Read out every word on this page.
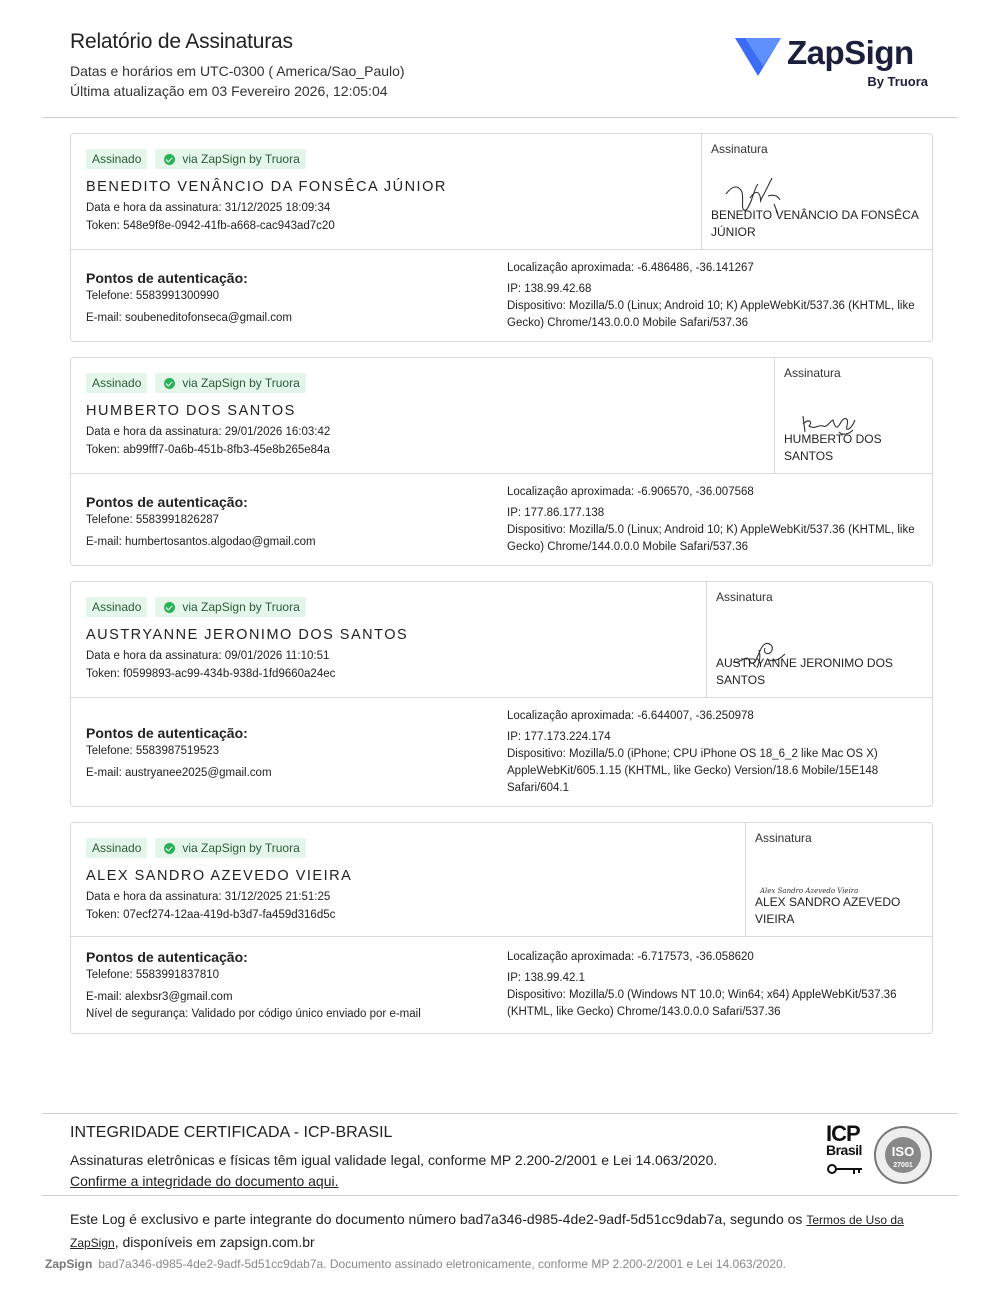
Relatório de Assinaturas
Datas e horários em UTC-0300 ( America/Sao_Paulo)
Última atualização em 03 Fevereiro 2026, 12:05:04
ZapSign
By Truora
Assinado	via ZapSign by Truora
BENEDITO VENÂNCIO DA FONSÊCA JÚNIOR
Data e hora da assinatura: 31/12/2025 18:09:34
Token: 548e9f8e-0942-41fb-a668-cac943ad7c20
Assinatura
BENEDITO VENÂNCIO DA FONSÊCA JÚNIOR
Pontos de autenticação:
Telefone: 5583991300990
E-mail: soubeneditofonseca@gmail.com
Localização aproximada: -6.486486, -36.141267
IP: 138.99.42.68
Dispositivo: Mozilla/5.0 (Linux; Android 10; K) AppleWebKit/537.36 (KHTML, like Gecko) Chrome/143.0.0.0 Mobile Safari/537.36
Assinado	via ZapSign by Truora
HUMBERTO DOS SANTOS
Data e hora da assinatura: 29/01/2026 16:03:42
Token: ab99fff7-0a6b-451b-8fb3-45e8b265e84a
Assinatura
HUMBERTO DOS SANTOS
Pontos de autenticação:
Telefone: 5583991826287
E-mail: humbertosantos.algodao@gmail.com
Localização aproximada: -6.906570, -36.007568
IP: 177.86.177.138
Dispositivo: Mozilla/5.0 (Linux; Android 10; K) AppleWebKit/537.36 (KHTML, like Gecko) Chrome/144.0.0.0 Mobile Safari/537.36
Assinado	via ZapSign by Truora
AUSTRYANNE JERONIMO DOS SANTOS
Data e hora da assinatura: 09/01/2026 11:10:51
Token: f0599893-ac99-434b-938d-1fd9660a24ec
Assinatura
AUSTRYANNE JERONIMO DOS SANTOS
Pontos de autenticação:
Telefone: 5583987519523
E-mail: austryanee2025@gmail.com
Localização aproximada: -6.644007, -36.250978
IP: 177.173.224.174
Dispositivo: Mozilla/5.0 (iPhone; CPU iPhone OS 18_6_2 like Mac OS X) AppleWebKit/605.1.15 (KHTML, like Gecko) Version/18.6 Mobile/15E148 Safari/604.1
Assinado	via ZapSign by Truora
ALEX SANDRO AZEVEDO VIEIRA
Data e hora da assinatura: 31/12/2025 21:51:25
Token: 07ecf274-12aa-419d-b3d7-fa459d316d5c
Assinatura
Alex Sandro Azevedo Vieira
ALEX SANDRO AZEVEDO VIEIRA
Pontos de autenticação:
Telefone: 5583991837810
E-mail: alexbsr3@gmail.com
Nível de segurança: Validado por código único enviado por e-mail
Localização aproximada: -6.717573, -36.058620
IP: 138.99.42.1
Dispositivo: Mozilla/5.0 (Windows NT 10.0; Win64; x64) AppleWebKit/537.36 (KHTML, like Gecko) Chrome/143.0.0.0 Safari/537.36
INTEGRIDADE CERTIFICADA - ICP-BRASIL
Assinaturas eletrônicas e físicas têm igual validade legal, conforme MP 2.200-2/2001 e Lei 14.063/2020.
Confirme a integridade do documento aqui.
ICP
Brasil	ISO
27001
Este Log é exclusivo e parte integrante do documento número bad7a346-d985-4de2-9adf-5d51cc9dab7a, segundo os Termos de Uso da ZapSign, disponíveis em zapsign.com.br
ZapSign bad7a346-d985-4de2-9adf-5d51cc9dab7a. Documento assinado eletronicamente, conforme MP 2.200-2/2001 e Lei 14.063/2020.
